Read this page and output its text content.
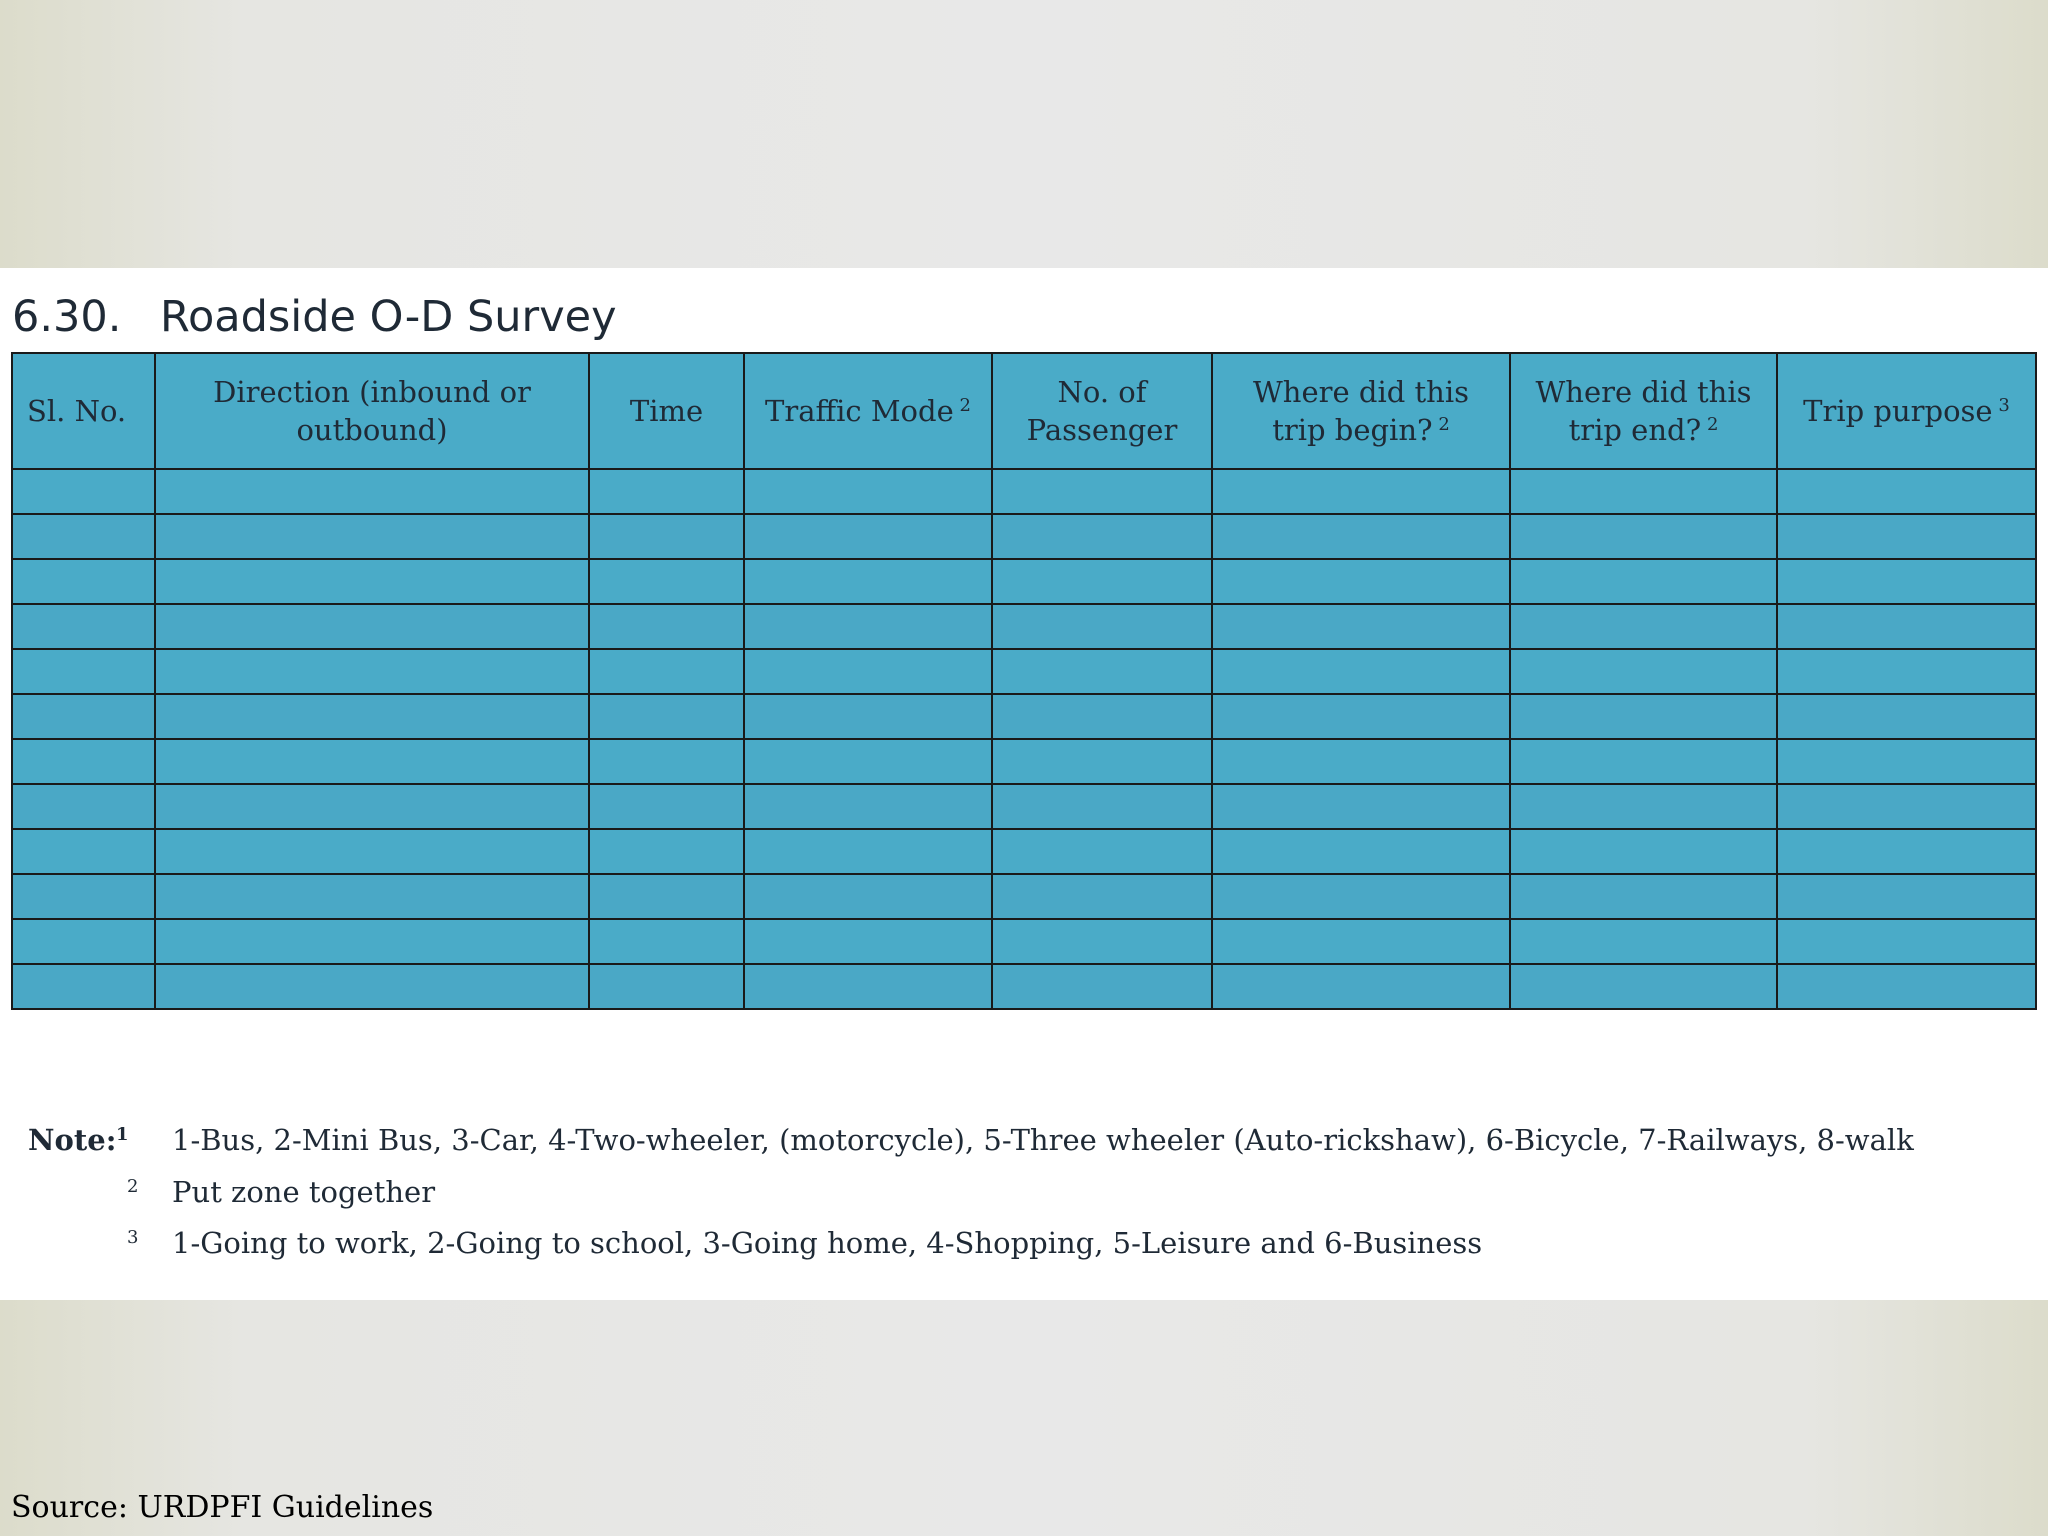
6.30. Roadside O-D Survey
Sl. No.	Direction (inbound or outbound)	Time	Traffic Mode  $^2$	No. of Passenger	Where did this trip begin?  $^2$	Where did this trip end?  $^2$	Trip purpose  $^3$

Note: 1 1-Bus, 2-Mini Bus, 3-Car, 4-Two-wheeler, (motorcycle), 5-Three wheeler (Auto-rickshaw), 6-Bicycle, 7-Railways, 8-walk
2 Put zone together
3 1-Going to work, 2-Going to school, 3-Going home, 4-Shopping, 5-Leisure and 6-Business
Source: URDPFI Guidelines
